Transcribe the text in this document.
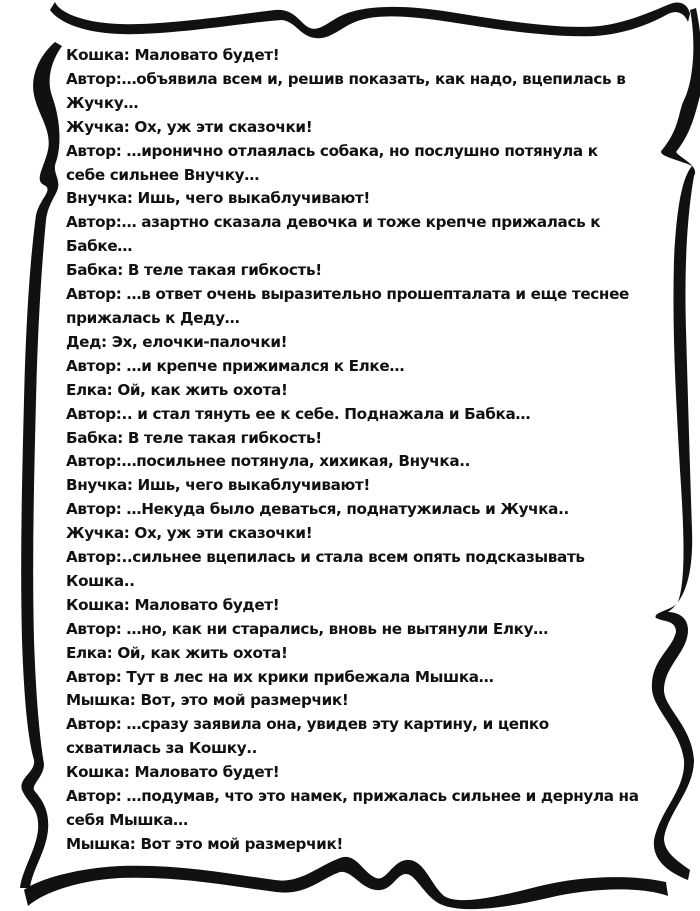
Кошка: Маловато будет!
Автор:…объявила всем и, решив показать, как надо, вцепилась в
Жучку…
Жучка: Ох, уж эти сказочки!
Автор: …иронично отлаялась собака, но послушно потянула к
себе сильнее Внучку…
Внучка: Ишь, чего выкаблучивают!
Автор:… азартно сказала девочка и тоже крепче прижалась к
Бабке…
Бабка: В теле такая гибкость!
Автор: …в ответ очень выразительно прошепталата и еще теснее
прижалась к Деду…
Дед: Эх, елочки-палочки!
Автор: …и крепче прижимался к Елке…
Елка: Ой, как жить охота!
Автор:.. и стал тянуть ее к себе. Поднажала и Бабка…
Бабка: В теле такая гибкость!
Автор:…посильнее потянула, хихикая, Внучка..
Внучка: Ишь, чего выкаблучивают!
Автор: …Некуда было деваться, поднатужилась и Жучка..
Жучка: Ох, уж эти сказочки!
Автор:..сильнее вцепилась и стала всем опять подсказывать
Кошка..
Кошка: Маловато будет!
Автор: …но, как ни старались, вновь не вытянули Елку…
Елка: Ой, как жить охота!
Автор: Тут в лес на их крики прибежала Мышка…
Мышка: Вот, это мой размерчик!
Автор: …сразу заявила она, увидев эту картину, и цепко
схватилась за Кошку..
Кошка: Маловато будет!
Автор: …подумав, что это намек, прижалась сильнее и дернула на
себя Мышка…
Мышка: Вот это мой размерчик!
